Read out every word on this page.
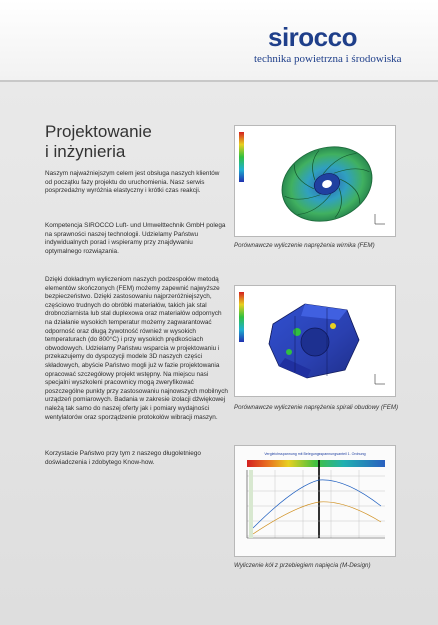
sirocco
technika powietrzna i środowiska
Projektowanie
i inżynieria

Naszym najważniejszym celem jest obsługa naszych klientów od początku fazy projektu do uruchomienia. Nasz serwis posprzedażny wyróżnia elastyczny i krótki czas reakcji.

Kompetencja SIROCCO Luft- und Umwelttechnik GmbH polega na sprawności naszej technologii. Udzielamy Państwu indywidualnych porad i wspieramy przy znajdywaniu optymalnego rozwiązania.

Dzięki dokładnym wyliczeniom naszych podzespołów metodą elementów skończonych (FEM) możemy zapewnić najwyższe bezpieczeństwo. Dzięki zastosowaniu najprzeróżniejszych, częściowo trudnych do obróbki materiałów, takich jak stal drobnoziarnista lub stal duplexowa oraz materiałów odpornych na działanie wysokich temperatur możemy zagwarantować odporność oraz długą żywotność również w wysokich temperaturach (do 800°C) i przy wysokich prędkościach obwodowych. Udzielamy Państwu wsparcia w projektowaniu i przekazujemy do dyspozycji modele 3D naszych części składowych, abyście Państwo mogli już w fazie projektowania opracować szczegółowy projekt wstępny. Na miejscu nasi specjalni wyszkoleni pracownicy mogą zweryfikować poszczególne punkty przy zastosowaniu najnowszych mobilnych urządzeń pomiarowych. Badania w zakresie izolacji dźwiękowej należą tak samo do naszej oferty jak i pomiary wydajności wentylatorów oraz sporządzenie protokołów wibracji maszyn.

Korzystacie Państwo przy tym z naszego długoletniego doświadczenia i zdobytego Know-how.

Porównawcze wyliczenie naprężenia wirnika (FEM)

Porównawcze wyliczenie naprężenia spirali obudowy (FEM)

Vergleichsspannung mit Belegungsspannungsanteil 1. Ordnung

Wyliczenie kół z przebiegiem napięcia (M-Design)
